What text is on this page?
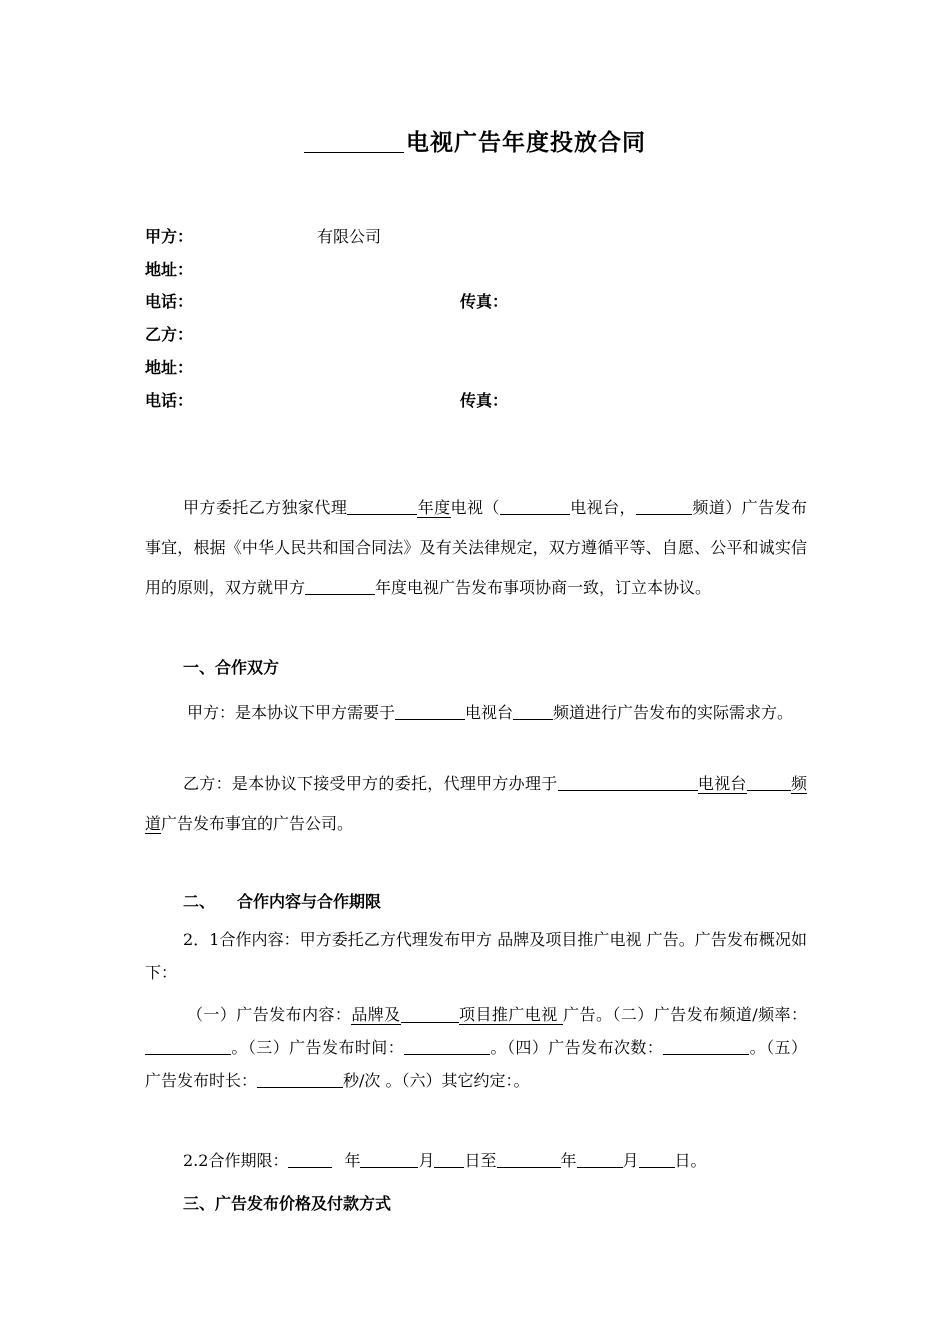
电视广告年度投放合同
甲方：	有限公司
地址：
电话：	传真：
乙方：
地址：
电话：	传真：
甲方委托乙方独家代理	年度电视（	电视台，	频道）广告发布事宜，根据《中华人民共和国合同法》及有关法律规定，双方遵循平等、自愿、公平和诚实信用的原则，双方就甲方	年度电视广告发布事项协商一致，订立本协议。
一、合作双方
甲方：是本协议下甲方需要于	电视台	频道进行广告发布的实际需求方。
乙方：是本协议下接受甲方的委托，代理甲方办理于	电视台	频道广告发布事宜的广告公司。
二、 合作内容与合作期限
2．1合作内容：甲方委托乙方代理发布甲方 品牌及项目推广电视 广告。广告发布概况如下：
（一）广告发布内容：品牌及	项目推广电视 广告。（二）广告发布频道/频率：。（三）广告发布时间：	。（四）广告发布次数：	。（五）广告发布时长：	秒/次 。（六）其它约定：。
2.2合作期限：	年	月 日至	年	月 日。
三、广告发布价格及付款方式
